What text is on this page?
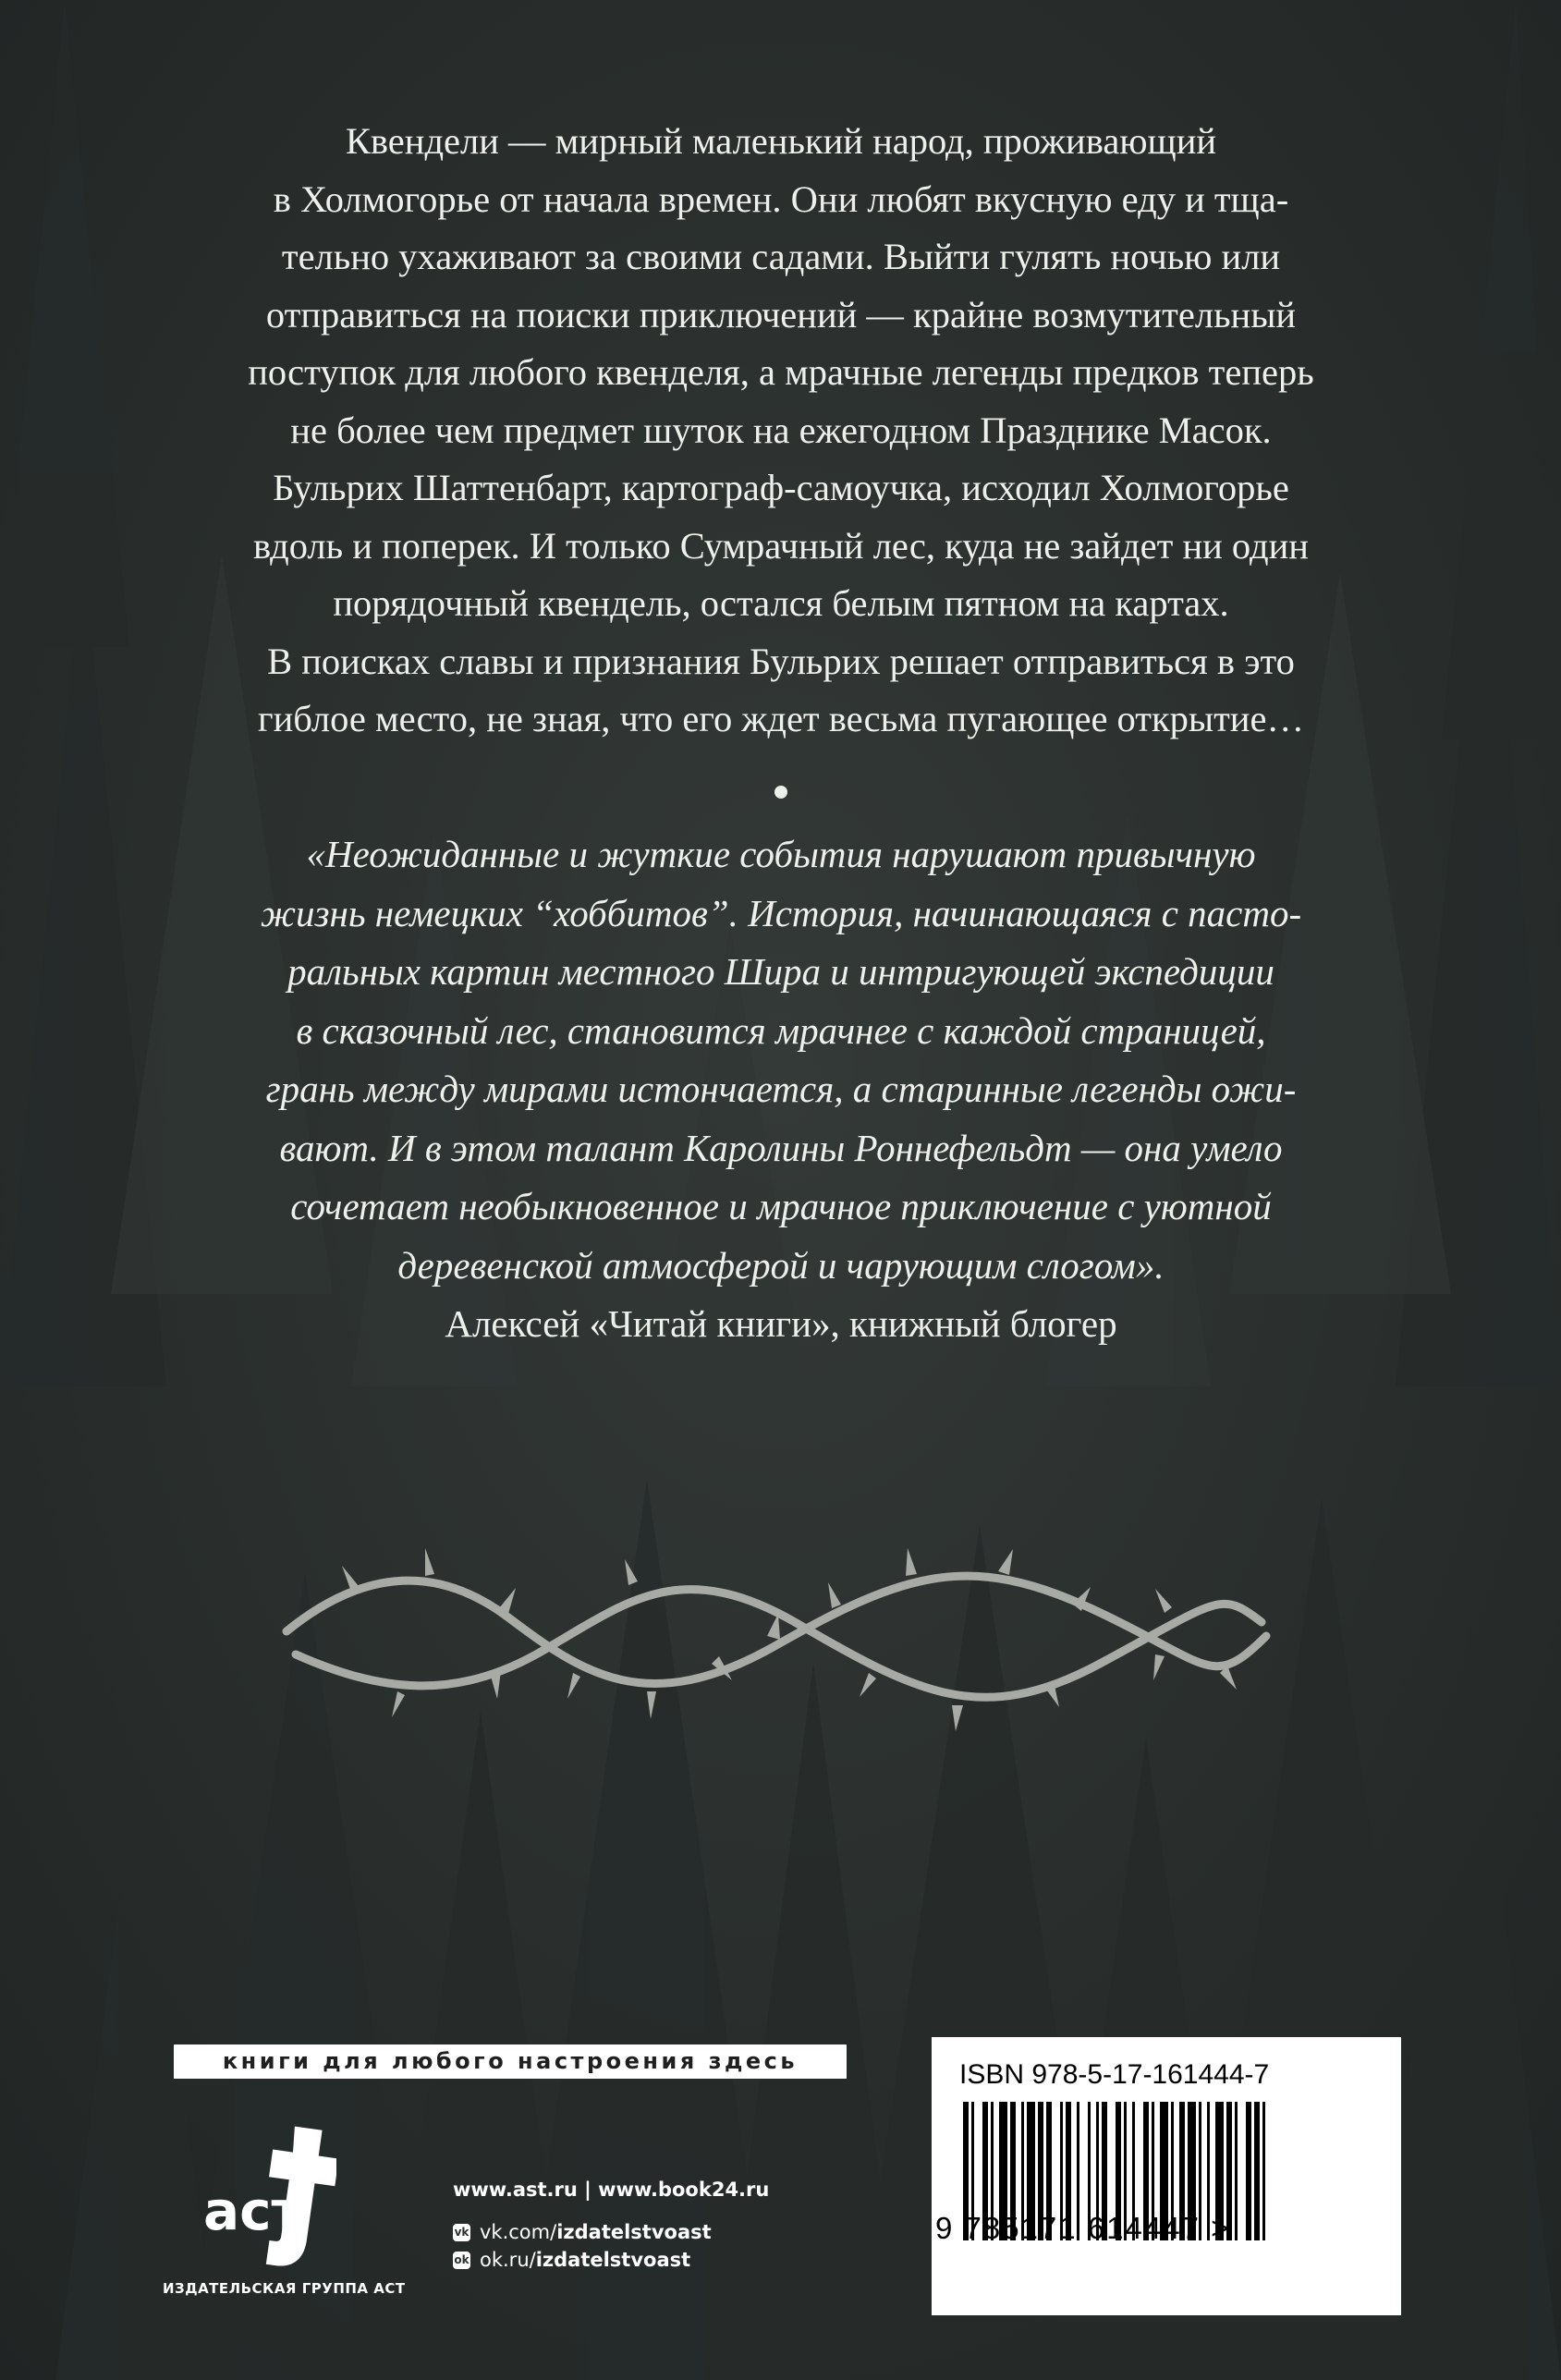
Квендели — мирный маленький народ, проживающий
в Холмогорье от начала времен. Они любят вкусную еду и тща-
тельно ухаживают за своими садами. Выйти гулять ночью или
отправиться на поиски приключений — крайне возмутительный
поступок для любого квенделя, а мрачные легенды предков теперь
не более чем предмет шуток на ежегодном Празднике Масок.
Бульрих Шаттенбарт, картограф-самоучка, исходил Холмогорье
вдоль и поперек. И только Сумрачный лес, куда не зайдет ни один
порядочный квендель, остался белым пятном на картах.
В поисках славы и признания Бульрих решает отправиться в это
гиблое место, не зная, что его ждет весьма пугающее открытие…
«Неожиданные и жуткие события нарушают привычную
жизнь немецких “хоббитов”. История, начинающаяся с пасто-
ральных картин местного Шира и интригующей экспедиции
в сказочный лес, становится мрачнее с каждой страницей,
грань между мирами истончается, а старинные легенды ожи-
вают. И в этом талант Каролины Роннефельдт — она умело
сочетает необыкновенное и мрачное приключение с уютной
деревенской атмосферой и чарующим слогом».
Алексей «Читай книги», книжный блогер
книги для любого настроения здесь
аст
ИЗДАТЕЛЬСКАЯ ГРУППА АСТ
www.ast.ru | www.book24.ru
vk vk.com/ izdatelstvoast
ok ok.ru/ izdatelstvoast
ISBN 978-5-17-161444-7
9 785171 614447 >
